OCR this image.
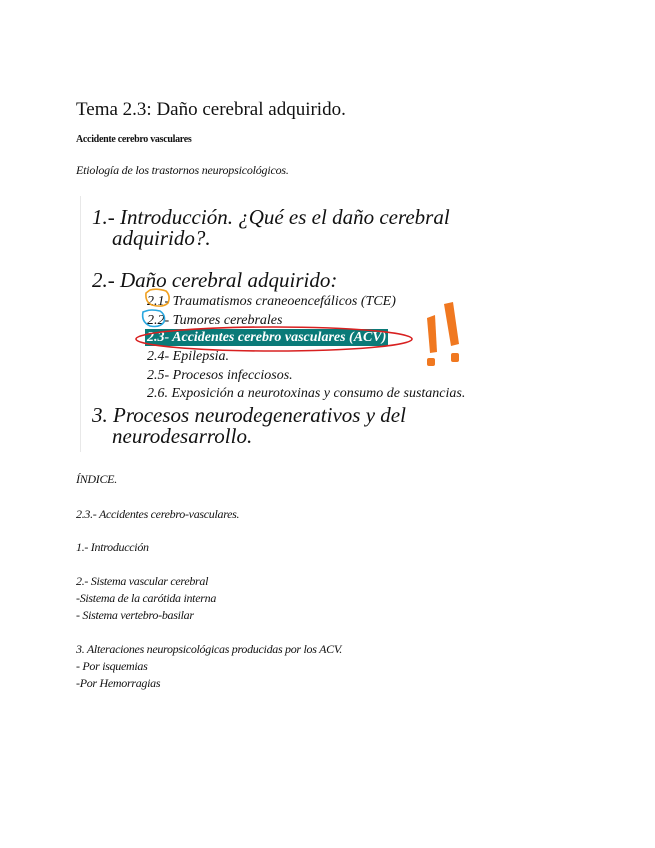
Tema 2.3: Daño cerebral adquirido.
Accidente cerebro vasculares
Etiología de los trastornos neuropsicológicos.
1.- Introducción. ¿Qué es el daño cerebral
adquirido?.
2.- Daño cerebral adquirido:
2.1- Traumatismos craneoencefálicos (TCE)
2.2- Tumores cerebrales
2.3- Accidentes cerebro vasculares (ACV)
2.4- Epilepsia.
2.5- Procesos infecciosos.
2.6. Exposición a neurotoxinas y consumo de sustancias.
3. Procesos neurodegenerativos y del
neurodesarrollo.
ÍNDICE.
2.3.- Accidentes cerebro-vasculares.
1.- Introducción
2.- Sistema vascular cerebral
-Sistema de la carótida interna
- Sistema vertebro-basilar
3. Alteraciones neuropsicológicas producidas por los ACV.
- Por isquemias
-Por Hemorragias
